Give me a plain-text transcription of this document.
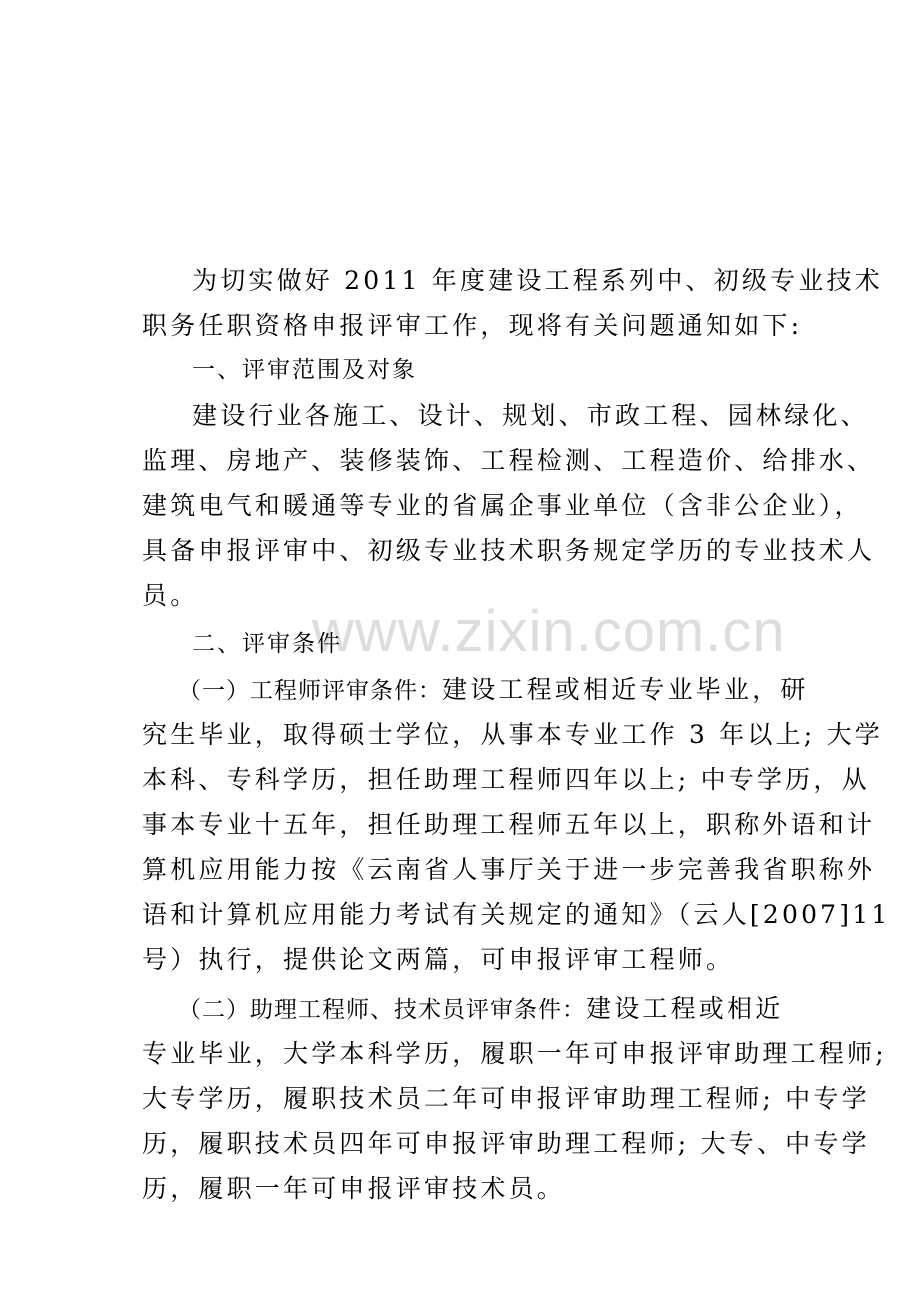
www.zixin.com.cn
为切实做好 2011 年度建设工程系列中、初级专业技术
职务任职资格申报评审工作，现将有关问题通知如下:
一、评审范围及对象
建设行业各施工、设计、规划、市政工程、园林绿化、
监理、房地产、装修装饰、工程检测、工程造价、给排水、
建筑电气和暖通等专业的省属企事业单位（含非公企业），
具备申报评审中、初级专业技术职务规定学历的专业技术人
员。
二、评审条件
（一）工程师评审条件：建设工程或相近专业毕业，研
究生毕业，取得硕士学位，从事本专业工作 3 年以上; 大学
本科、专科学历，担任助理工程师四年以上; 中专学历，从
事本专业十五年，担任助理工程师五年以上，职称外语和计
算机应用能力按《云南省人事厅关于进一步完善我省职称外
语和计算机应用能力考试有关规定的通知》（云人[2007]11
号）执行，提供论文两篇，可申报评审工程师。
（二）助理工程师、技术员评审条件：建设工程或相近
专业毕业，大学本科学历，履职一年可申报评审助理工程师;
大专学历，履职技术员二年可申报评审助理工程师; 中专学
历，履职技术员四年可申报评审助理工程师; 大专、中专学
历，履职一年可申报评审技术员。
